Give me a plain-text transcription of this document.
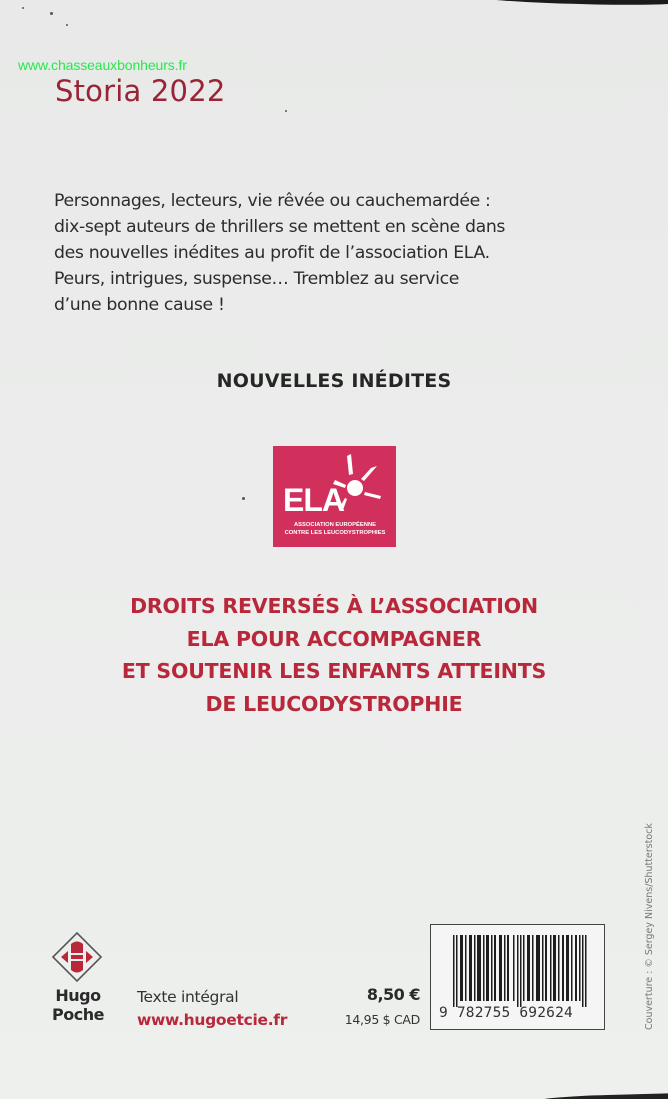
www.chasseauxbonheurs.fr
Storia 2022
Personnages, lecteurs, vie rêvée ou cauchemardée :
dix-sept auteurs de thrillers se mettent en scène dans
des nouvelles inédites au profit de l’association ELA.
Peurs, intrigues, suspense… Tremblez au service
d’une bonne cause !
NOUVELLES INÉDITES
ELA
ASSOCIATION EUROPÉENNE
CONTRE LES LEUCODYSTROPHIES
DROITS REVERSÉS À L’ASSOCIATION
ELA POUR ACCOMPAGNER
ET SOUTENIR LES ENFANTS ATTEINTS
DE LEUCODYSTROPHIE
Couverture : © Sergey Nivens/Shutterstock
Hugo
Poche
Texte intégral
www.hugoetcie.fr
8,50 €
14,95 $ CAD 9 782755 692624
